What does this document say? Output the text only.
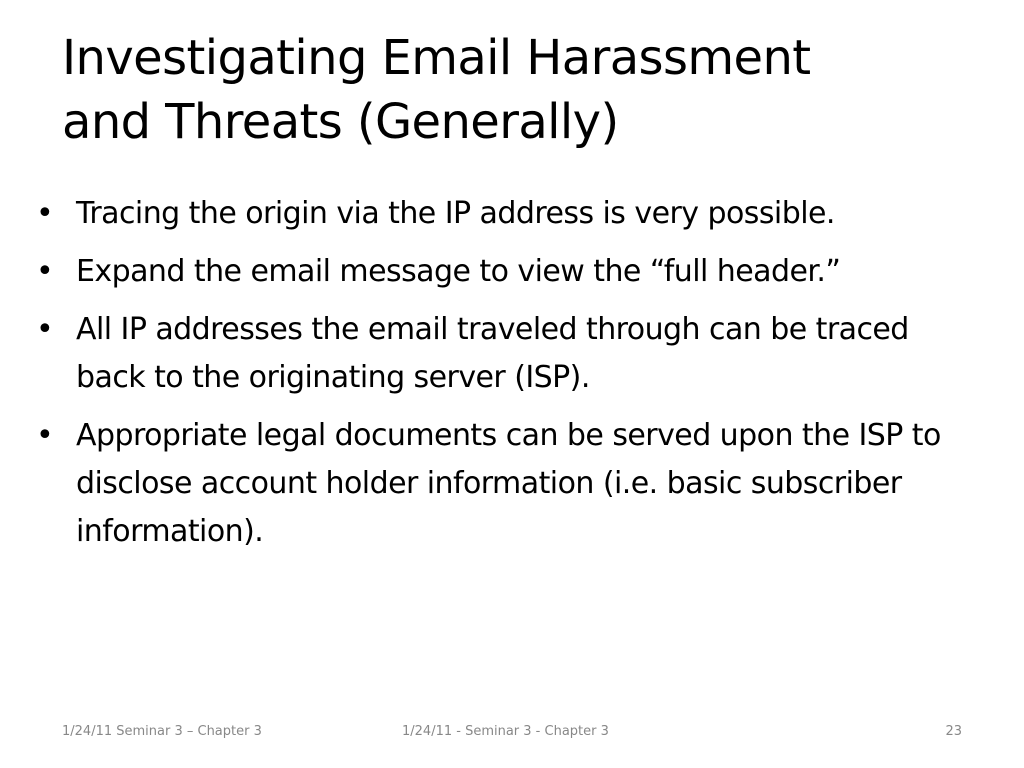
Investigating Email Harassment
and Threats (Generally)
• Tracing the origin via the IP address is very possible.
• Expand the email message to view the “full header.”
• All IP addresses the email traveled through can be traced back to the originating server (ISP).
• Appropriate legal documents can be served upon the ISP to disclose account holder information (i.e. basic subscriber information).
1/24/11 Seminar 3 – Chapter 3	1/24/11 - Seminar 3 - Chapter 3	23
